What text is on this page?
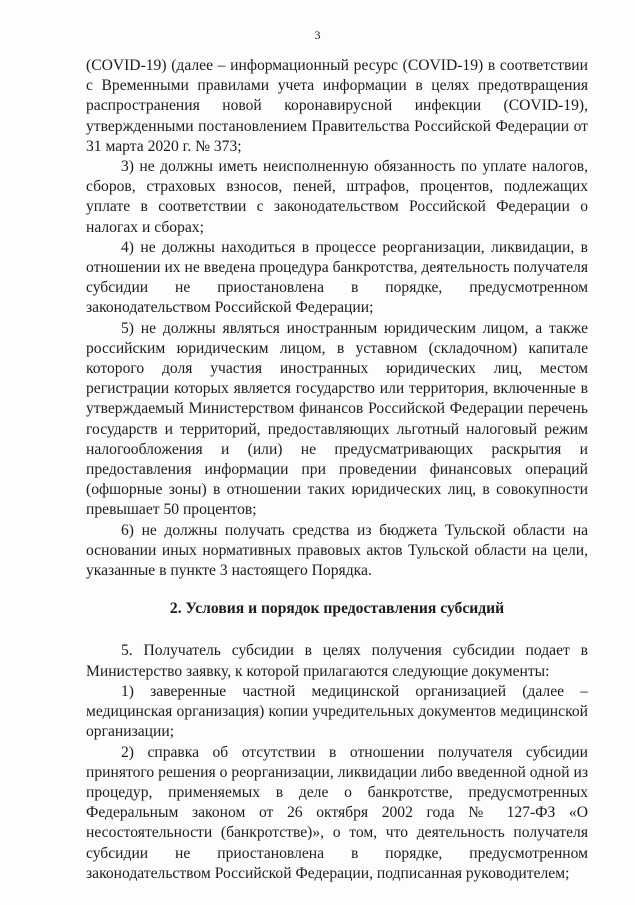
3

(COVID-19) (далее – информационный ресурс (COVID-19) в соответствии с Временными правилами учета информации в целях предотвращения распространения новой коронавирусной инфекции (COVID-19), утвержденными постановлением Правительства Российской Федерации от 31 марта 2020 г. № 373;

3) не должны иметь неисполненную обязанность по уплате налогов, сборов, страховых взносов, пеней, штрафов, процентов, подлежащих уплате в соответствии с законодательством Российской Федерации о налогах и сборах;

4) не должны находиться в процессе реорганизации, ликвидации, в отношении их не введена процедура банкротства, деятельность получателя субсидии не приостановлена в порядке, предусмотренном законодательством Российской Федерации;

5) не должны являться иностранным юридическим лицом, а также российским юридическим лицом, в уставном (складочном) капитале которого доля участия иностранных юридических лиц, местом регистрации которых является государство или территория, включенные в утверждаемый Министерством финансов Российской Федерации перечень государств и территорий, предоставляющих льготный налоговый режим налогообложения и (или) не предусматривающих раскрытия и предоставления информации при проведении финансовых операций (офшорные зоны) в отношении таких юридических лиц, в совокупности превышает 50 процентов;

6) не должны получать средства из бюджета Тульской области на основании иных нормативных правовых актов Тульской области на цели, указанные в пункте 3 настоящего Порядка.

2. Условия и порядок предоставления субсидий

5. Получатель субсидии в целях получения субсидии подает в Министерство заявку, к которой прилагаются следующие документы:

1) заверенные частной медицинской организацией (далее – медицинская организация) копии учредительных документов медицинской организации;

2) справка об отсутствии в отношении получателя субсидии принятого решения о реорганизации, ликвидации либо введенной одной из процедур, применяемых в деле о банкротстве, предусмотренных Федеральным законом от 26 октября 2002 года № 127-ФЗ «О несостоятельности (банкротстве)», о том, что деятельность получателя субсидии не приостановлена в порядке, предусмотренном законодательством Российской Федерации, подписанная руководителем;
